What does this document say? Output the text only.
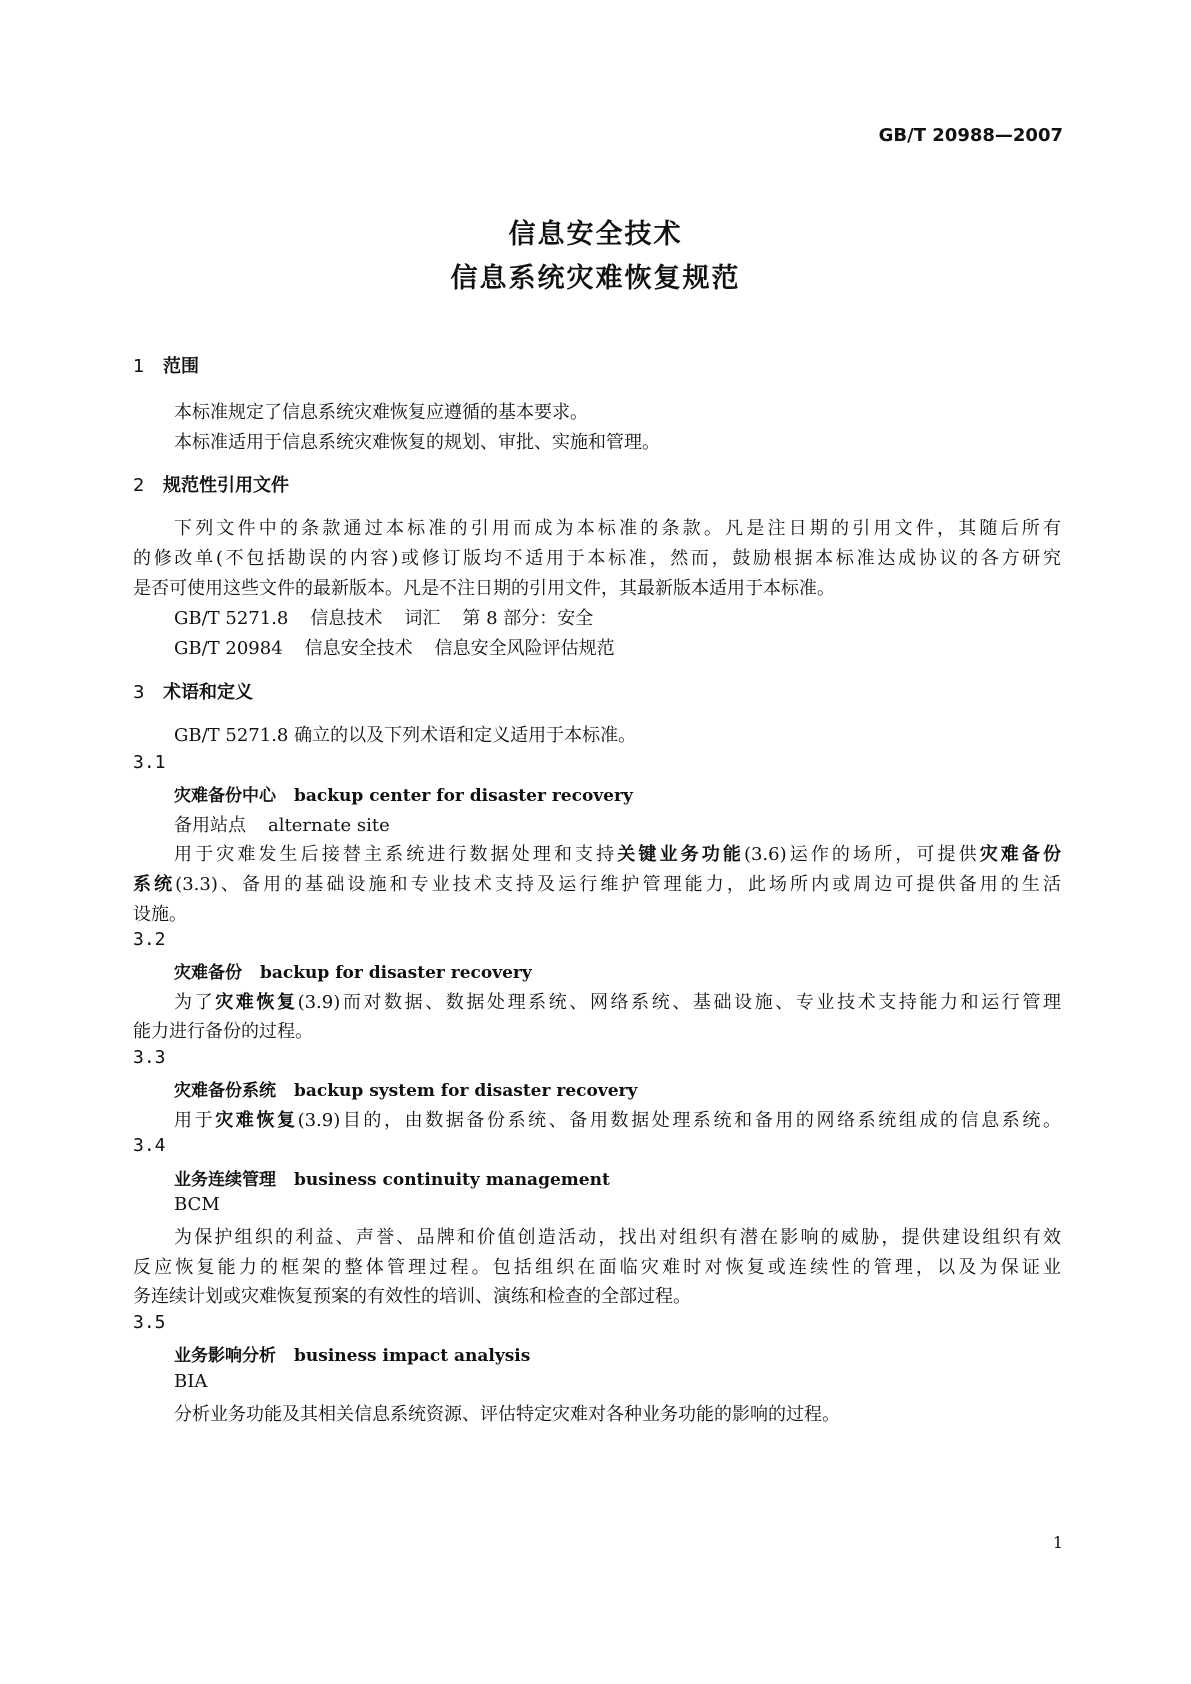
GB/T 20988—2007
信息安全技术
信息系统灾难恢复规范
1 范围
本标准规定了信息系统灾难恢复应遵循的基本要求。
本标准适用于信息系统灾难恢复的规划、审批、实施和管理。
2 规范性引用文件
下列文件中的条款通过本标准的引用而成为本标准的条款。凡是注日期的引用文件，其随后所有
的修改单(不包括勘误的内容)或修订版均不适用于本标准，然而，鼓励根据本标准达成协议的各方研究
是否可使用这些文件的最新版本。凡是不注日期的引用文件，其最新版本适用于本标准。
GB/T 5271.8 信息技术 词汇 第 8 部分：安全
GB/T 20984 信息安全技术 信息安全风险评估规范
3 术语和定义
GB/T 5271.8 确立的以及下列术语和定义适用于本标准。
3.1
灾难备份中心 backup center for disaster recovery
备用站点 alternate site
用于灾难发生后接替主系统进行数据处理和支持关键业务功能(3.6)运作的场所，可提供灾难备份
系统(3.3)、备用的基础设施和专业技术支持及运行维护管理能力，此场所内或周边可提供备用的生活
设施。
3.2
灾难备份 backup for disaster recovery
为了灾难恢复(3.9)而对数据、数据处理系统、网络系统、基础设施、专业技术支持能力和运行管理
能力进行备份的过程。
3.3
灾难备份系统 backup system for disaster recovery
用于灾难恢复(3.9)目的，由数据备份系统、备用数据处理系统和备用的网络系统组成的信息系统。
3.4
业务连续管理 business continuity management
BCM
为保护组织的利益、声誉、品牌和价值创造活动，找出对组织有潜在影响的威胁，提供建设组织有效
反应恢复能力的框架的整体管理过程。包括组织在面临灾难时对恢复或连续性的管理，以及为保证业
务连续计划或灾难恢复预案的有效性的培训、演练和检查的全部过程。
3.5
业务影响分析 business impact analysis
BIA
分析业务功能及其相关信息系统资源、评估特定灾难对各种业务功能的影响的过程。
1
